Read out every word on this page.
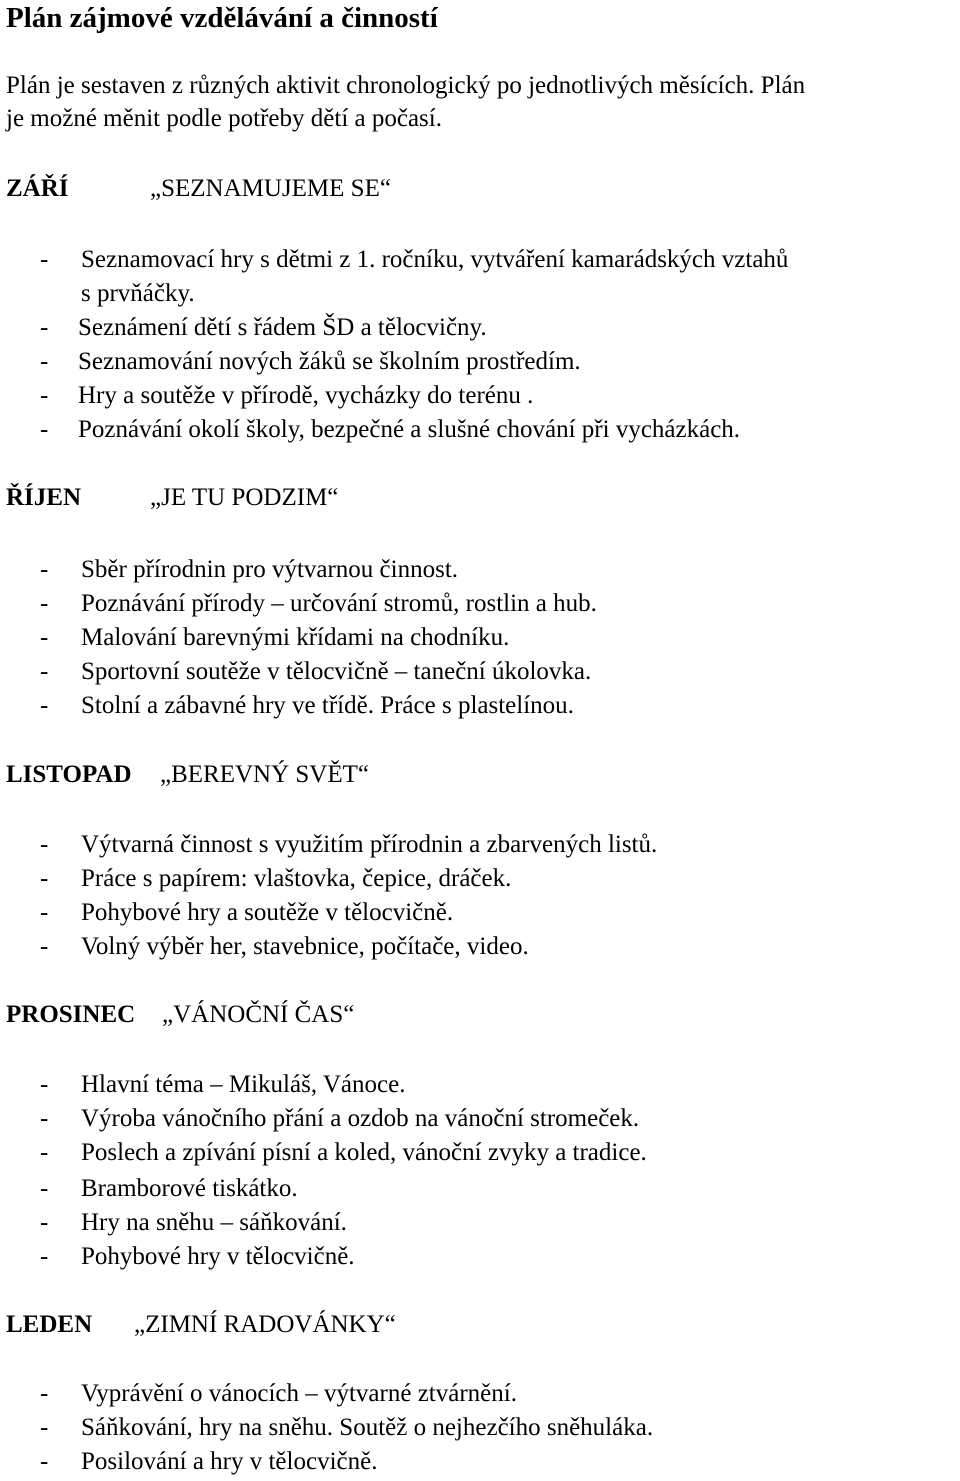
Plán zájmové vzdělávání a činností
Plán je sestaven z různých aktivit chronologický po jednotlivých měsících. Plán
je možné měnit podle potřeby dětí a počasí.
ZÁŘÍ	„SEZNAMUJEME SE“
- Seznamovací hry s dětmi z 1. ročníku, vytváření kamarádských vztahů
s prvňáčky.
- Seznámení dětí s řádem ŠD a tělocvičny.
- Seznamování nových žáků se školním prostředím.
- Hry a soutěže v přírodě, vycházky do terénu .
- Poznávání okolí školy, bezpečné a slušné chování při vycházkách.
ŘÍJEN	„JE TU PODZIM“
- Sběr přírodnin pro výtvarnou činnost.
- Poznávání přírody – určování stromů, rostlin a hub.
- Malování barevnými křídami na chodníku.
- Sportovní soutěže v tělocvičně – taneční úkolovka.
- Stolní a zábavné hry ve třídě. Práce s plastelínou.
LISTOPAD „BEREVNÝ SVĚT“
- Výtvarná činnost s využitím přírodnin a zbarvených listů.
- Práce s papírem: vlaštovka, čepice, dráček.
- Pohybové hry a soutěže v tělocvičně.
- Volný výběr her, stavebnice, počítače, video.
PROSINEC „VÁNOČNÍ ČAS“
- Hlavní téma – Mikuláš, Vánoce.
- Výroba vánočního přání a ozdob na vánoční stromeček.
- Poslech a zpívání písní a koled, vánoční zvyky a tradice.
- Bramborové tiskátko.
- Hry na sněhu – sáňkování.
- Pohybové hry v tělocvičně.
LEDEN „ZIMNÍ RADOVÁNKY“
- Vyprávění o vánocích – výtvarné ztvárnění.
- Sáňkování, hry na sněhu. Soutěž o nejhezčího sněhuláka.
- Posilování a hry v tělocvičně.
